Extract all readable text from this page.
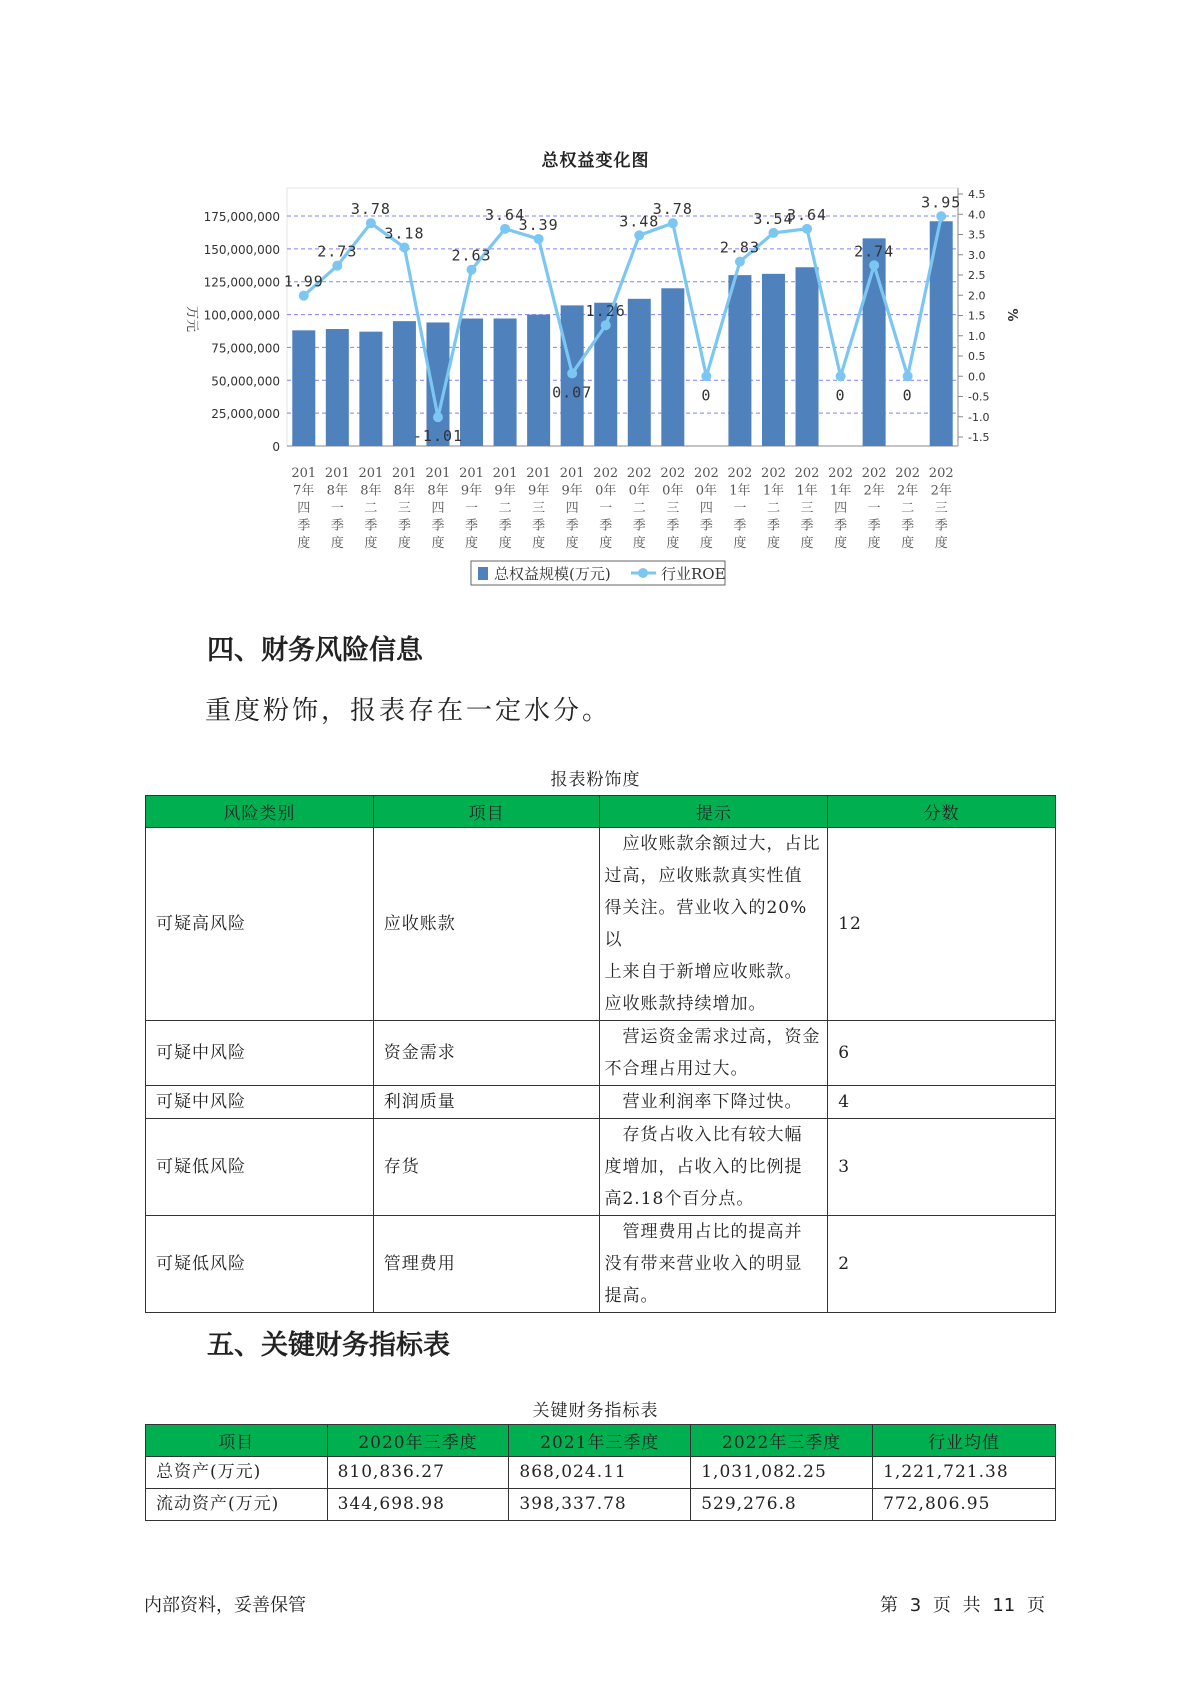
总权益变化图
175,000,000
150,000,000
125,000,000
100,000,000
75,000,000
50,000,000
25,000,000
0
4.5
4.0
3.5
3.0
2.5
2.0
1.5
1.0
0.5
0.0
-0.5
-1.0
-1.5
万元	%
1.99
2.73
3.78
3.18
-1.01
2.63
3.64
3.39
0.07
1.26
3.48
3.78
0
2.83
3.54
3.64
0
2.74
0
3.95
201
7年
四
季
度
201
8年
一
季
度
201
8年
二
季
度
201
8年
三
季
度
201
8年
四
季
度
201
9年
一
季
度
201
9年
二
季
度
201
9年
三
季
度
201
9年
四
季
度
202
0年
一
季
度
202
0年
二
季
度
202
0年
三
季
度
202
0年
四
季
度
202
1年
一
季
度
202
1年
二
季
度
202
1年
三
季
度
202
1年
四
季
度
202
2年
一
季
度
202
2年
二
季
度
202
2年
三
季
度
总权益规模(万元)	行业ROE
四、财务风险信息
重度粉饰，报表存在一定水分。
报表粉饰度
风险类别	项目	提示	分数
可疑高风险	应收账款	　应收账款余额过大，占比
过高，应收账款真实性值
得关注。营业收入的20%以
上来自于新增应收账款。
应收账款持续增加。	12
可疑中风险	资金需求	　营运资金需求过高，资金
不合理占用过大。	6
可疑中风险	利润质量	　营业利润率下降过快。	4
可疑低风险	存货	　存货占收入比有较大幅
度增加，占收入的比例提
高2.18个百分点。	3
可疑低风险	管理费用	　管理费用占比的提高并
没有带来营业收入的明显
提高。	2
五、关键财务指标表
关键财务指标表
项目	2020年三季度	2021年三季度	2022年三季度	行业均值
总资产(万元)	810,836.27	868,024.11	1,031,082.25	1,221,721.38
流动资产(万元)	344,698.98	398,337.78	529,276.8	772,806.95
内部资料，妥善保管	第 3 页 共 11 页
